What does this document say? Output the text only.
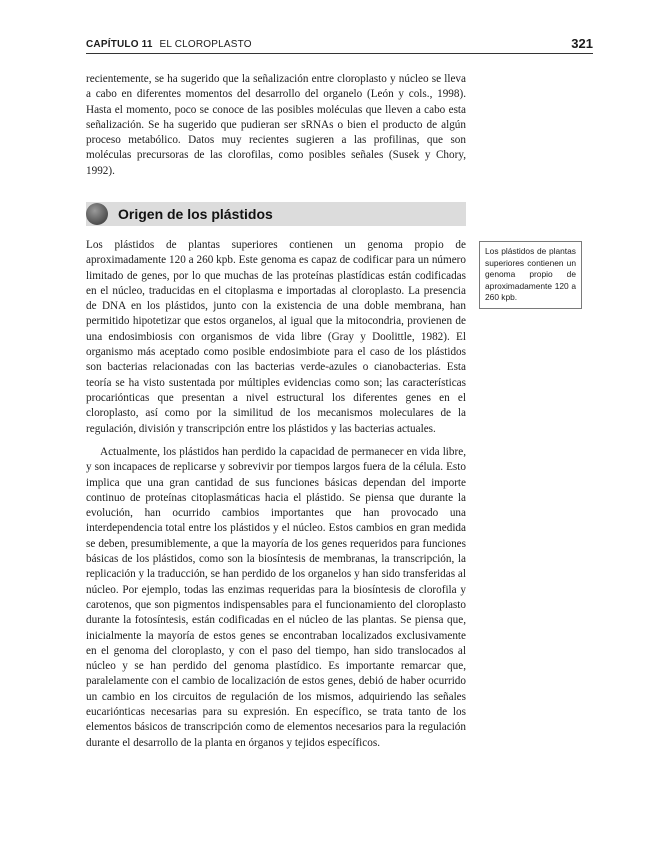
CAPÍTULO 11 EL CLOROPLASTO	321

recientemente, se ha sugerido que la señalización entre cloroplasto y núcleo se lleva a cabo en diferentes momentos del desarrollo del organelo (León y cols., 1998). Hasta el momento, poco se conoce de las posibles moléculas que lleven a cabo esta señalización. Se ha sugerido que pudieran ser sRNAs o bien el producto de algún proceso metabólico. Datos muy recientes sugieren a las profilinas, que son moléculas precursoras de las clorofilas, como posibles señales (Susek y Chory, 1992).

Origen de los plástidos
Los plástidos de plantas superiores contienen un genoma propio de aproximadamente 120 a 260 kpb.

Los plástidos de plantas superiores contienen un genoma propio de aproximadamente 120 a 260 kpb. Este genoma es capaz de codificar para un número limitado de genes, por lo que muchas de las proteínas plastídicas están codificadas en el núcleo, traducidas en el citoplasma e importadas al cloroplasto. La presencia de DNA en los plástidos, junto con la existencia de una doble membrana, han permitido hipotetizar que estos organelos, al igual que la mitocondria, provienen de una endosimbiosis con organismos de vida libre (Gray y Doolittle, 1982). El organismo más aceptado como posible endosimbiote para el caso de los plástidos son bacterias relacionadas con las bacterias verde-azules o cianobacterias. Esta teoría se ha visto sustentada por múltiples evidencias como son; las características procariónticas que presentan a nivel estructural los diferentes genes en el cloroplasto, así como por la similitud de los mecanismos moleculares de la regulación, división y transcripción entre los plástidos y las bacterias actuales.

Actualmente, los plástidos han perdido la capacidad de permanecer en vida libre, y son incapaces de replicarse y sobrevivir por tiempos largos fuera de la célula. Esto implica que una gran cantidad de sus funciones básicas dependan del importe continuo de proteínas citoplasmáticas hacia el plástido. Se piensa que durante la evolución, han ocurrido cambios importantes que han provocado una interdependencia total entre los plástidos y el núcleo. Estos cambios en gran medida se deben, presumiblemente, a que la mayoría de los genes requeridos para funciones básicas de los plástidos, como son la biosíntesis de membranas, la transcripción, la replicación y la traducción, se han perdido de los organelos y han sido transferidas al núcleo. Por ejemplo, todas las enzimas requeridas para la biosíntesis de clorofila y carotenos, que son pigmentos indispensables para el funcionamiento del cloroplasto durante la fotosíntesis, están codificadas en el núcleo de las plantas. Se piensa que, inicialmente la mayoría de estos genes se encontraban localizados exclusivamente en el genoma del cloroplasto, y con el paso del tiempo, han sido translocados al núcleo y se han perdido del genoma plastídico. Es importante remarcar que, paralelamente con el cambio de localización de estos genes, debió de haber ocurrido un cambio en los circuitos de regulación de los mismos, adquiriendo las señales eucariónticas necesarias para su expresión. En específico, se trata tanto de los elementos básicos de transcripción como de elementos necesarios para la regulación durante el desarrollo de la planta en órganos y tejidos específicos.
